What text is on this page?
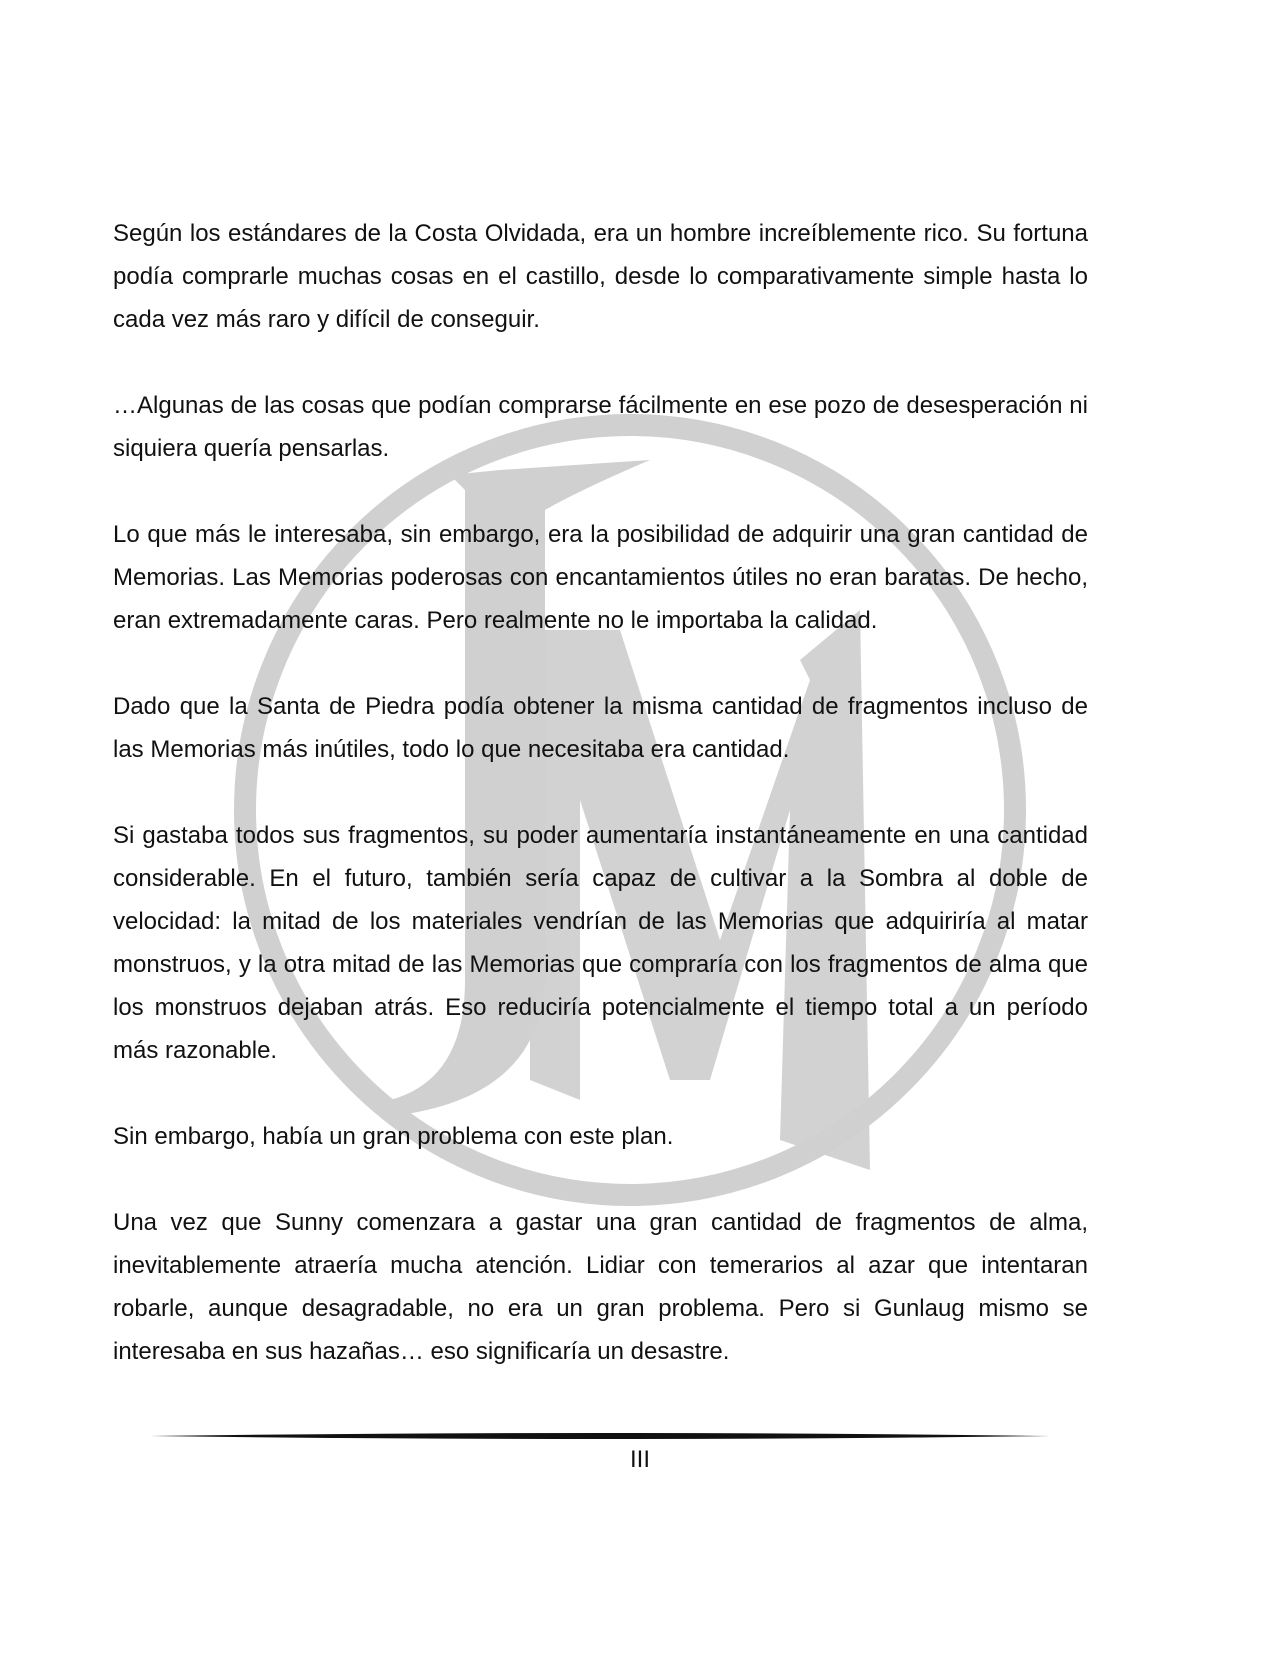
JM

Según los estándares de la Costa Olvidada, era un hombre increíblemente rico. Su fortuna podía comprarle muchas cosas en el castillo, desde lo comparativamente simple hasta lo cada vez más raro y difícil de conseguir.

…Algunas de las cosas que podían comprarse fácilmente en ese pozo de desesperación ni siquiera quería pensarlas.

Lo que más le interesaba, sin embargo, era la posibilidad de adquirir una gran cantidad de Memorias. Las Memorias poderosas con encantamientos útiles no eran baratas. De hecho, eran extremadamente caras. Pero realmente no le importaba la calidad.

Dado que la Santa de Piedra podía obtener la misma cantidad de fragmentos incluso de las Memorias más inútiles, todo lo que necesitaba era cantidad.

Si gastaba todos sus fragmentos, su poder aumentaría instantáneamente en una cantidad considerable. En el futuro, también sería capaz de cultivar a la Sombra al doble de velocidad: la mitad de los materiales vendrían de las Memorias que adquiriría al matar monstruos, y la otra mitad de las Memorias que compraría con los fragmentos de alma que los monstruos dejaban atrás. Eso reduciría potencialmente el tiempo total a un período más razonable.

Sin embargo, había un gran problema con este plan.

Una vez que Sunny comenzara a gastar una gran cantidad de fragmentos de alma, inevitablemente atraería mucha atención. Lidiar con temerarios al azar que intentaran robarle, aunque desagradable, no era un gran problema. Pero si Gunlaug mismo se interesaba en sus hazañas… eso significaría un desastre.

III
